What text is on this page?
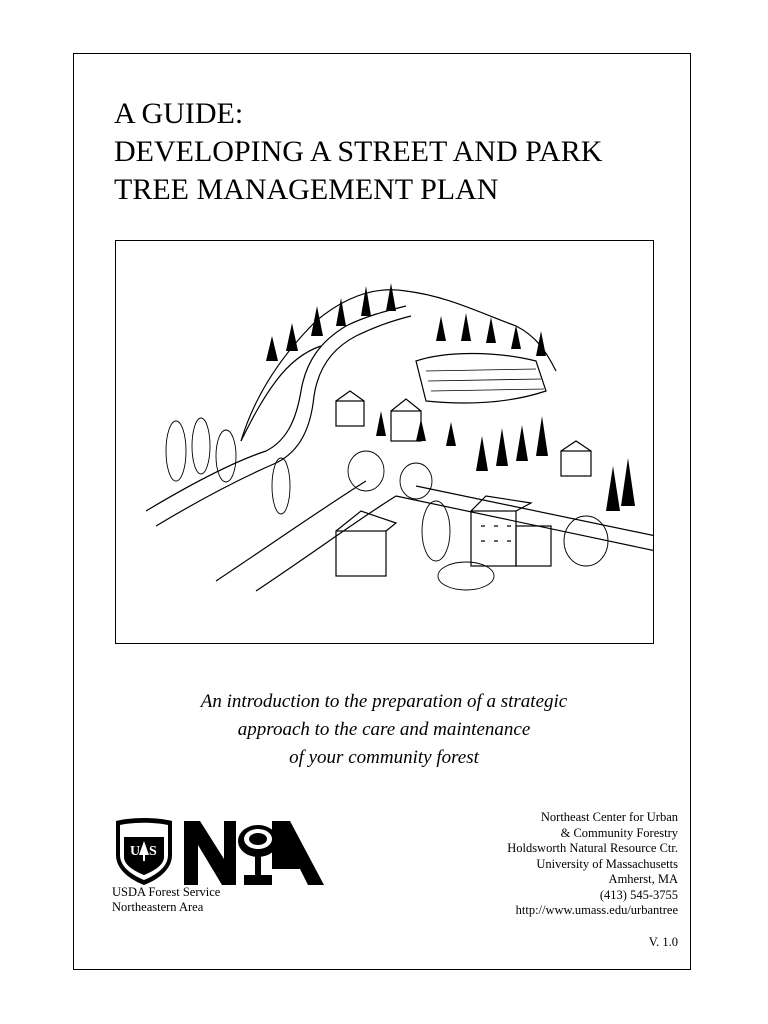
A GUIDE:
DEVELOPING A STREET AND PARK
TREE MANAGEMENT PLAN
An introduction to the preparation of a strategic
approach to the care and maintenance
of your community forest
U S
USDA Forest Service
Northeastern Area
Northeast Center for Urban
& Community Forestry
Holdsworth Natural Resource Ctr.
University of Massachusetts
Amherst, MA
(413) 545-3755
http://www.umass.edu/urbantree
V. 1.0
